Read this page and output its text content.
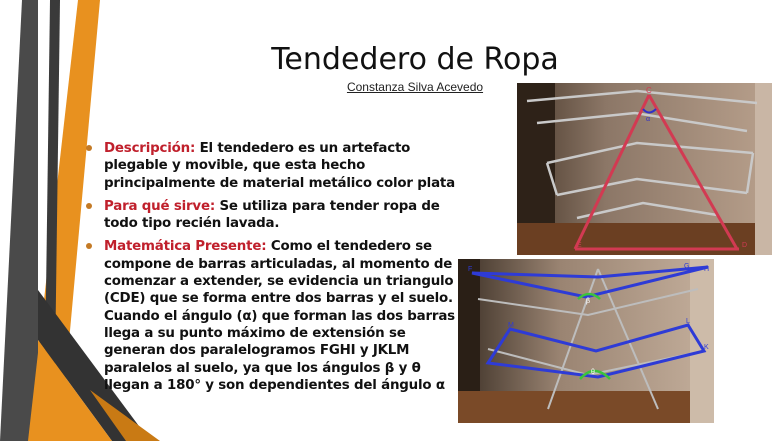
Tendedero de Ropa
Constanza Silva Acevedo
Descripción: El tendedero es un artefacto plegable y movible, que esta hecho principalmente de material metálico color plata
Para qué sirve: Se utiliza para tender ropa de todo tipo recién lavada.
Matemática Presente: Como el tendedero se compone de barras articuladas, al momento de comenzar a extender, se evidencia un triangulo (CDE) que se forma entre dos barras y el suelo. Cuando el ángulo (α) que forman las dos barras llega a su punto máximo de extensión se generan dos paralelogramos FGHI y JKLM paralelos al suelo, ya que los ángulos β y θ llegan a 180° y son dependientes del ángulo α
C
α
E	D
F	G H
M
L
K
β
θ
